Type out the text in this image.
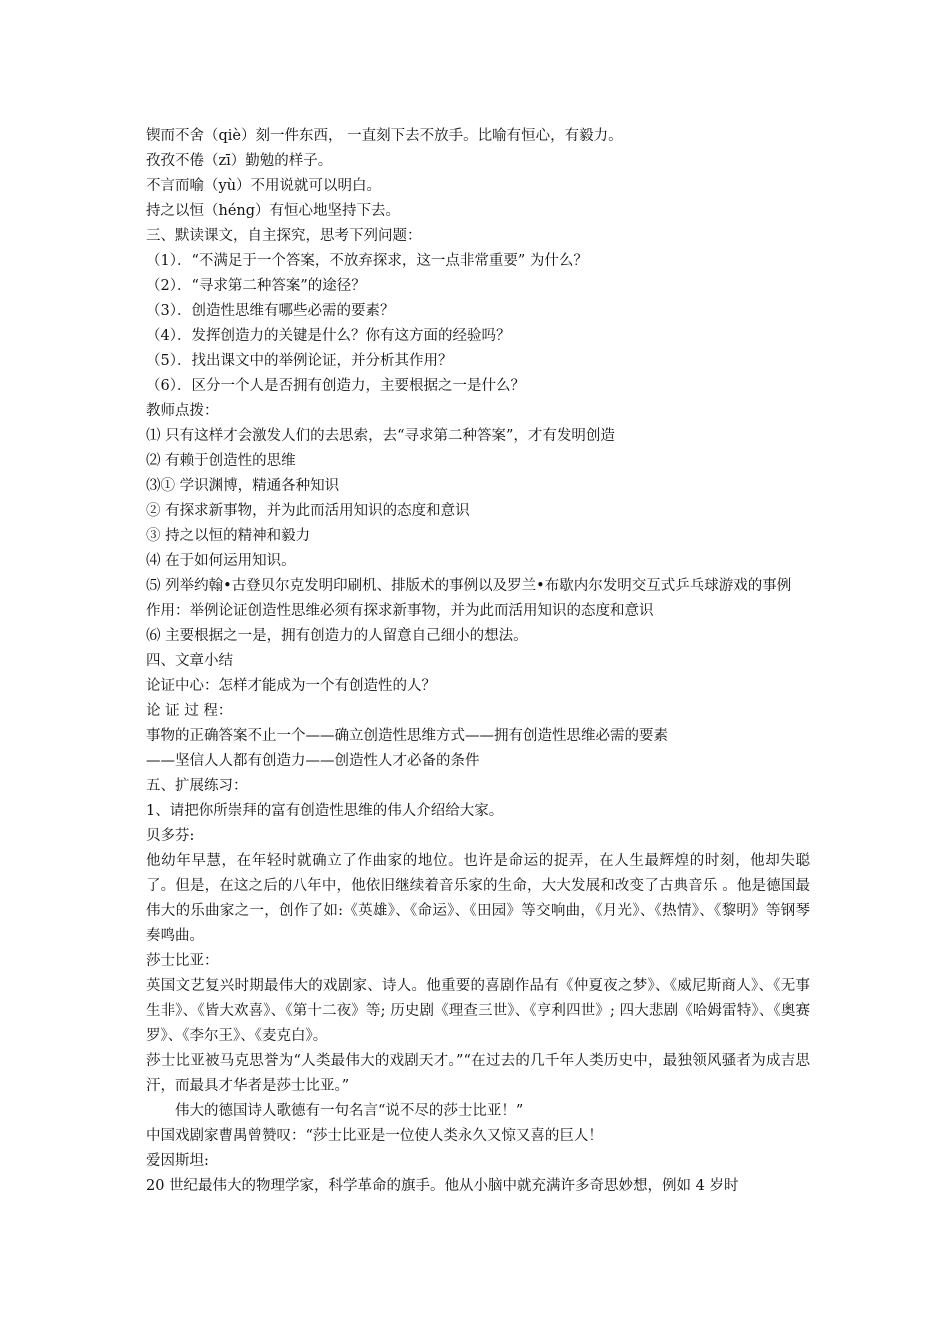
锲而不舍（qiè）刻一件东西， 一直刻下去不放手。比喻有恒心，有毅力。

孜孜不倦（zī）勤勉的样子。

不言而喻（yù）不用说就可以明白。

持之以恒（héng）有恒心地坚持下去。

三、默读课文，自主探究，思考下列问题：

（1）．“不满足于一个答案，不放弃探求，这一点非常重要” 为什么？

（2）．“寻求第二种答案”的途径？

（3）．创造性思维有哪些必需的要素？

（4）．发挥创造力的关键是什么？你有这方面的经验吗？

（5）．找出课文中的举例论证，并分析其作用？

（6）．区分一个人是否拥有创造力，主要根据之一是什么？

教师点拨：

⑴ 只有这样才会激发人们的去思索，去“寻求第二种答案”，才有发明创造

⑵ 有赖于创造性的思维

⑶① 学识渊博，精通各种知识

② 有探求新事物，并为此而活用知识的态度和意识

③ 持之以恒的精神和毅力

⑷ 在于如何运用知识。

⑸ 列举约翰•古登贝尔克发明印刷机、排版术的事例以及罗兰•布歇内尔发明交互式乒乓球游戏的事例

作用：举例论证创造性思维必须有探求新事物，并为此而活用知识的态度和意识

⑹ 主要根据之一是，拥有创造力的人留意自己细小的想法。

四、文章小结

论证中心：怎样才能成为一个有创造性的人？

论 证 过 程：

事物的正确答案不止一个——确立创造性思维方式——拥有创造性思维必需的要素

——坚信人人都有创造力——创造性人才必备的条件

五、扩展练习：

1、请把你所崇拜的富有创造性思维的伟人介绍给大家。

贝多芬:

他幼年早慧，在年轻时就确立了作曲家的地位。也许是命运的捉弄，在人生最辉煌的时刻，他却失聪了。但是，在这之后的八年中，他依旧继续着音乐家的生命，大大发展和改变了古典音乐 。他是德国最伟大的乐曲家之一，创作了如:《英雄》、《命运》、《田园》等交响曲，《月光》、《热情》、《黎明》等钢琴奏鸣曲。

莎士比亚：

英国文艺复兴时期最伟大的戏剧家、诗人。他重要的喜剧作品有《仲夏夜之梦》、《威尼斯商人》、《无事生非》、《皆大欢喜》、《第十二夜》等; 历史剧《理查三世》、《亨利四世》; 四大悲剧《哈姆雷特》、《奥赛罗》、《李尔王》、《麦克白》。

莎士比亚被马克思誉为“人类最伟大的戏剧天才。”“在过去的几千年人类历史中，最独领风骚者为成吉思汗，而最具才华者是莎士比亚。”

伟大的德国诗人歌德有一句名言“说不尽的莎士比亚！”

中国戏剧家曹禺曾赞叹：“莎士比亚是一位使人类永久又惊又喜的巨人！

爱因斯坦:

20 世纪最伟大的物理学家，科学革命的旗手。他从小脑中就充满许多奇思妙想，例如 4 岁时
